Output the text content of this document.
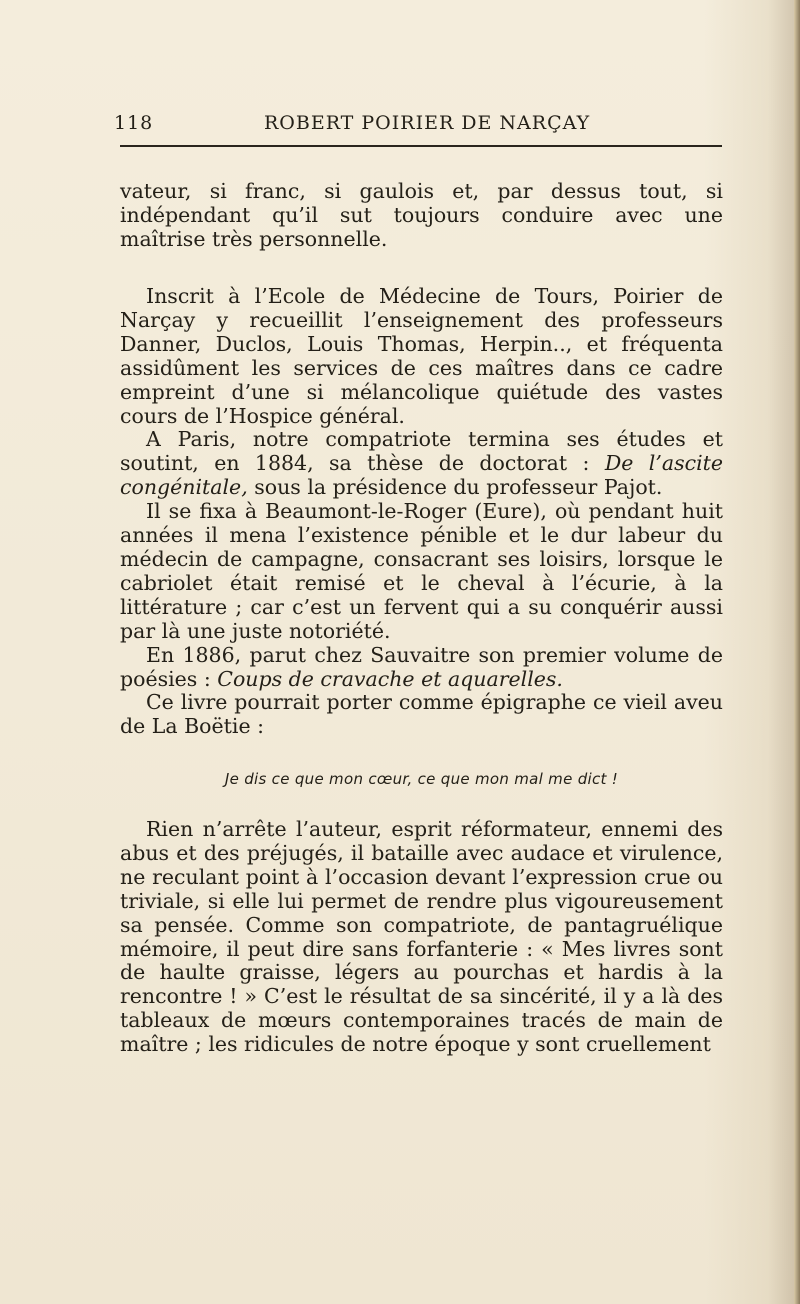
118	ROBERT POIRIER DE NARÇAY

vateur, si franc, si gaulois et, par dessus tout, si indépendant qu’il sut toujours conduire avec une maîtrise très personnelle.

Inscrit à l’Ecole de Médecine de Tours, Poirier de Narçay y recueillit l’enseignement des professeurs Danner, Duclos, Louis Thomas, Herpin.., et fréquenta assidûment les services de ces maîtres dans ce cadre empreint d’une si mélancolique quiétude des vastes cours de l’Hospice général.

A Paris, notre compatriote termina ses études et soutint, en 1884, sa thèse de doctorat : De l’ascite congénitale, sous la présidence du professeur Pajot.

Il se fixa à Beaumont-le-Roger (Eure), où pendant huit années il mena l’existence pénible et le dur labeur du médecin de campagne, consacrant ses loisirs, lorsque le cabriolet était remisé et le cheval à l’écurie, à la littérature ; car c’est un fervent qui a su conquérir aussi par là une juste notoriété.

En 1886, parut chez Sauvaitre son premier volume de poésies : Coups de cravache et aquarelles.

Ce livre pourrait porter comme épigraphe ce vieil aveu de La Boëtie :

Je dis ce que mon cœur, ce que mon mal me dict !

Rien n’arrête l’auteur, esprit réformateur, ennemi des abus et des préjugés, il bataille avec audace et virulence, ne reculant point à l’occasion devant l’expression crue ou triviale, si elle lui permet de rendre plus vigoureusement sa pensée. Comme son compatriote, de pantagruélique mémoire, il peut dire sans forfanterie : « Mes livres sont de haulte graisse, légers au pourchas et hardis à la rencontre ! » C’est le résultat de sa sincérité, il y a là des tableaux de mœurs contemporaines tracés de main de maître ; les ridicules de notre époque y sont cruellement
